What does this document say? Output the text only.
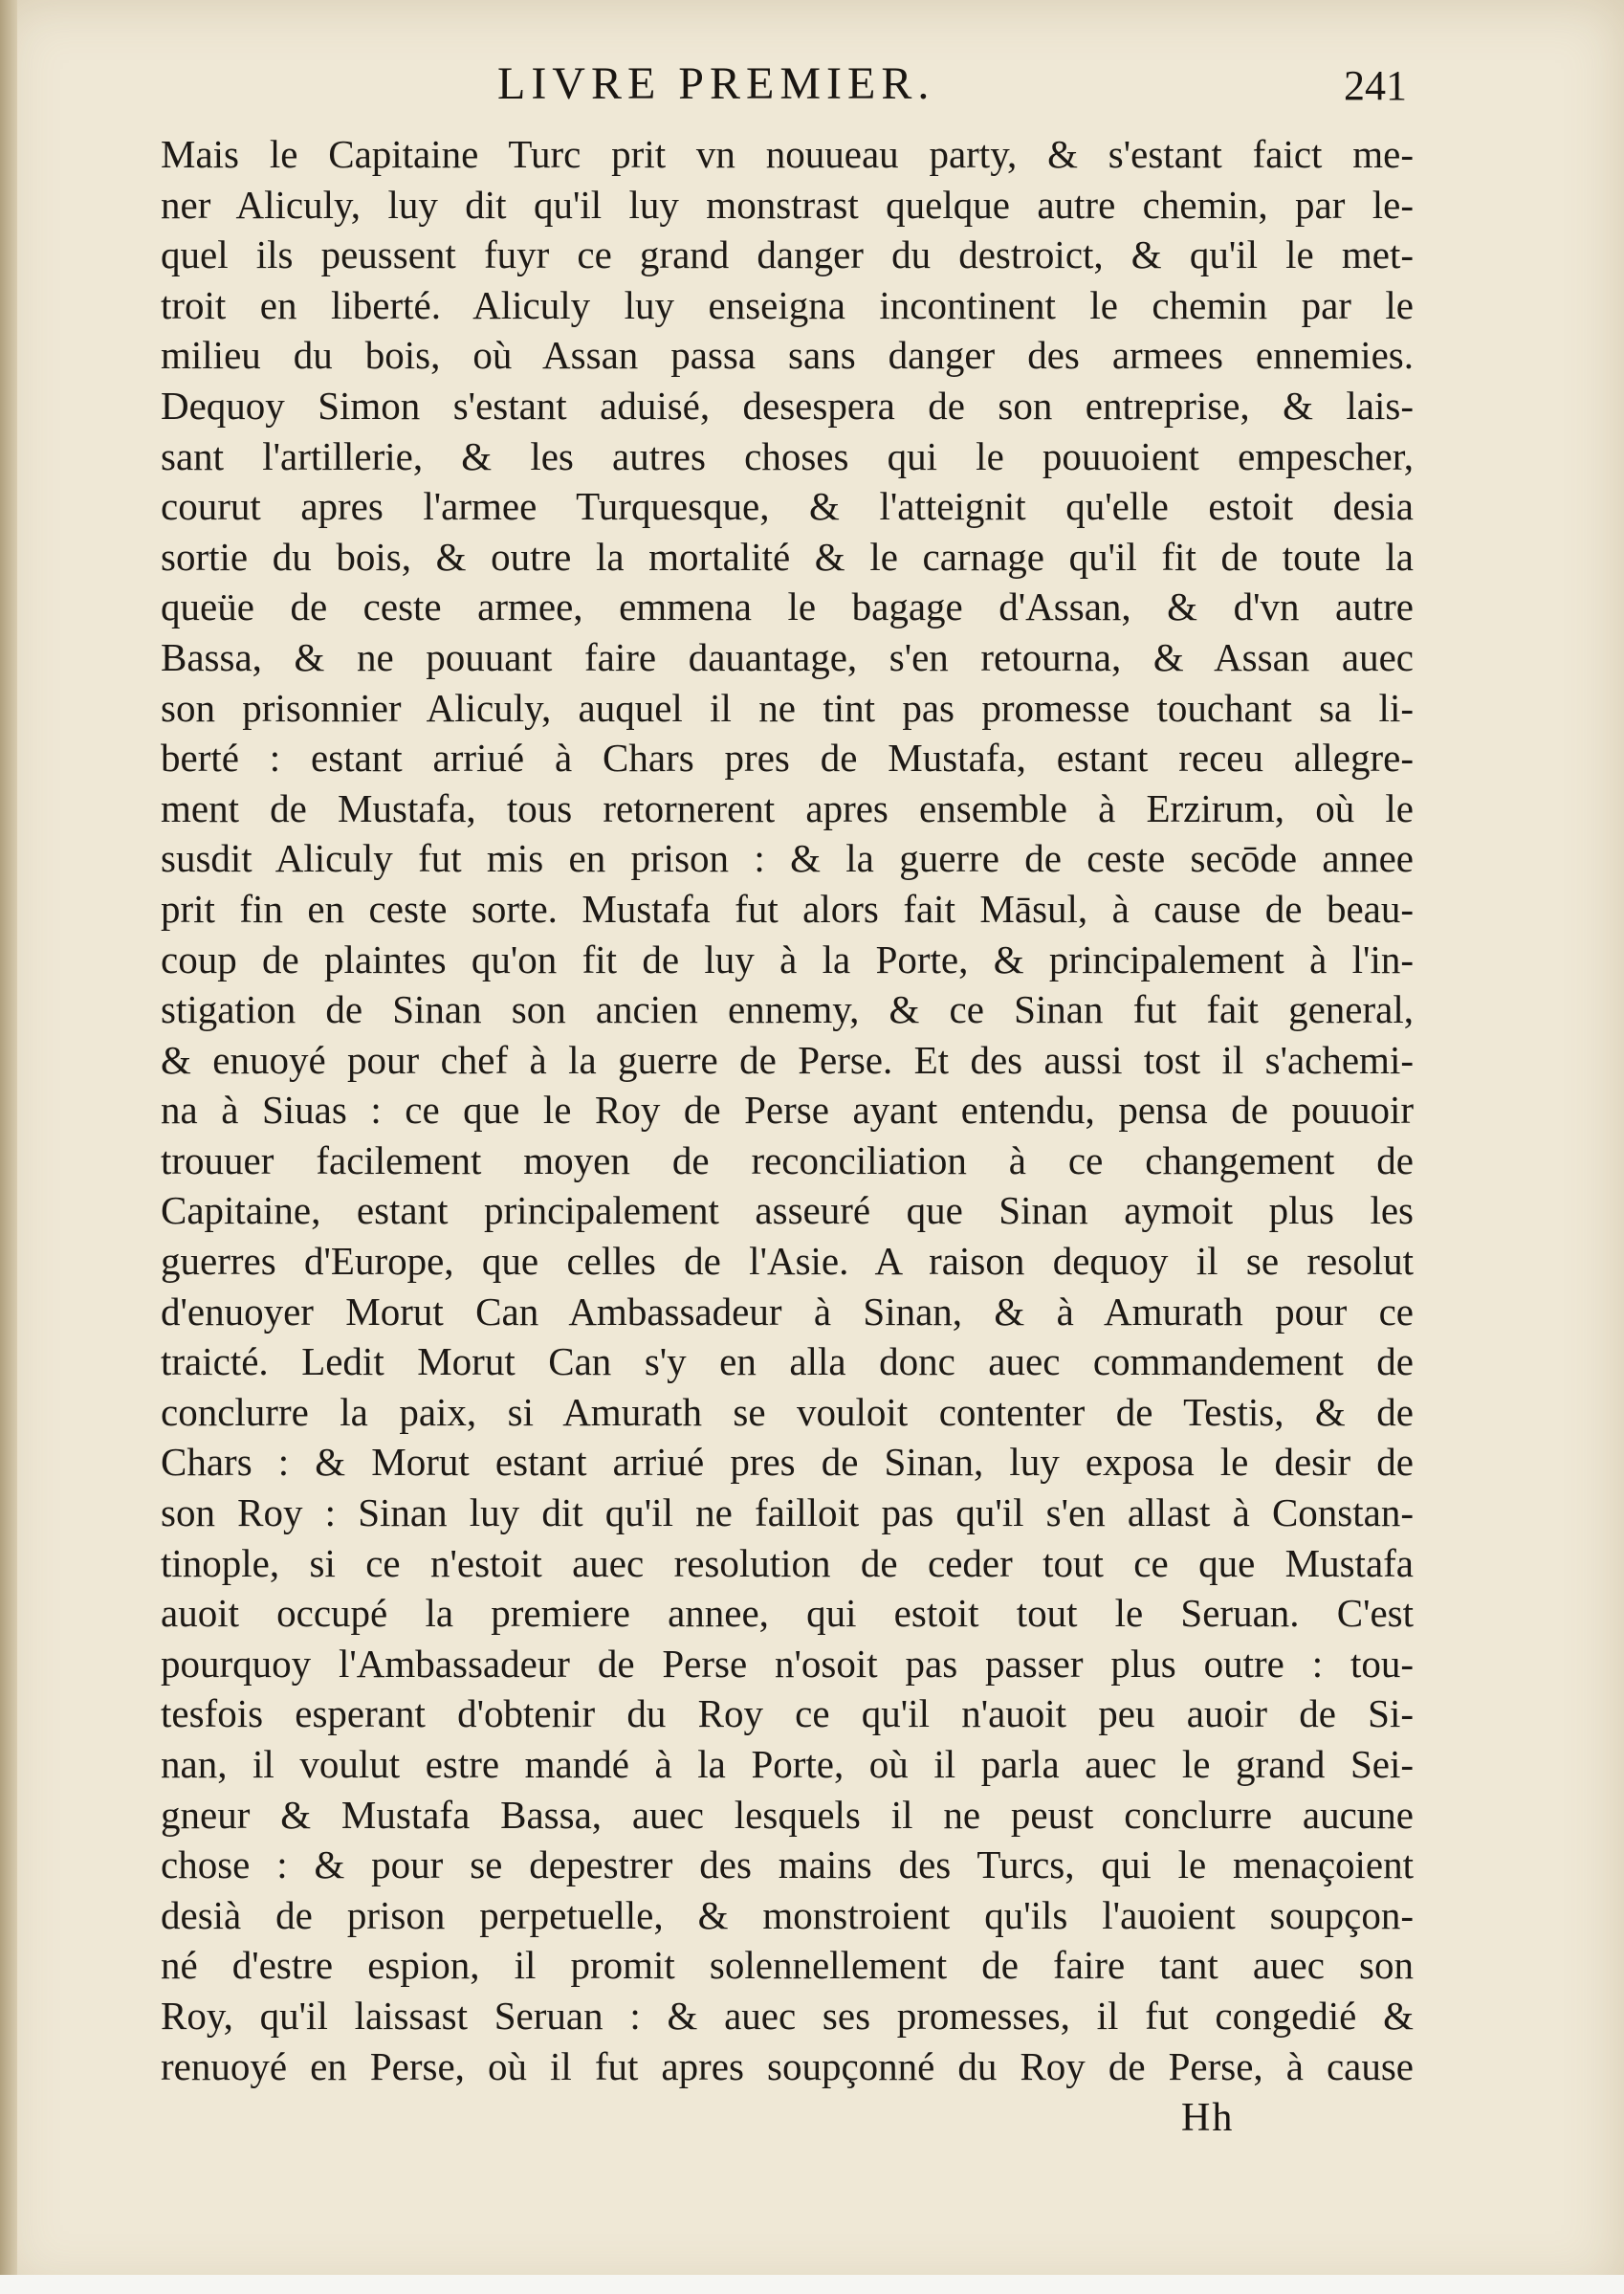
LIVRE PREMIER.	241
Mais le Capitaine Turc prit vn nouueau party, & s'estant faict me-
ner Aliculy, luy dit qu'il luy monstrast quelque autre chemin, par le-
quel ils peussent fuyr ce grand danger du destroict, & qu'il le met-
troit en liberté. Aliculy luy enseigna incontinent le chemin par le
milieu du bois, où Assan passa sans danger des armees ennemies.
Dequoy Simon s'estant aduisé, desespera de son entreprise, & lais-
sant l'artillerie, & les autres choses qui le pouuoient empescher,
courut apres l'armee Turquesque, & l'atteignit qu'elle estoit desia
sortie du bois, & outre la mortalité & le carnage qu'il fit de toute la
queüe de ceste armee, emmena le bagage d'Assan, & d'vn autre
Bassa, & ne pouuant faire dauantage, s'en retourna, & Assan auec
son prisonnier Aliculy, auquel il ne tint pas promesse touchant sa li-
berté : estant arriué à Chars pres de Mustafa, estant receu allegre-
ment de Mustafa, tous retornerent apres ensemble à Erzirum, où le
susdit Aliculy fut mis en prison : & la guerre de ceste secōde annee
prit fin en ceste sorte. Mustafa fut alors fait Māsul, à cause de beau-
coup de plaintes qu'on fit de luy à la Porte, & principalement à l'in-
stigation de Sinan son ancien ennemy, & ce Sinan fut fait general,
& enuoyé pour chef à la guerre de Perse. Et des aussi tost il s'achemi-
na à Siuas : ce que le Roy de Perse ayant entendu, pensa de pouuoir
trouuer facilement moyen de reconciliation à ce changement de
Capitaine, estant principalement asseuré que Sinan aymoit plus les
guerres d'Europe, que celles de l'Asie. A raison dequoy il se resolut
d'enuoyer Morut Can Ambassadeur à Sinan, & à Amurath pour ce
traicté. Ledit Morut Can s'y en alla donc auec commandement de
conclurre la paix, si Amurath se vouloit contenter de Testis, & de
Chars : & Morut estant arriué pres de Sinan, luy exposa le desir de
son Roy : Sinan luy dit qu'il ne failloit pas qu'il s'en allast à Constan-
tinople, si ce n'estoit auec resolution de ceder tout ce que Mustafa
auoit occupé la premiere annee, qui estoit tout le Seruan. C'est
pourquoy l'Ambassadeur de Perse n'osoit pas passer plus outre : tou-
tesfois esperant d'obtenir du Roy ce qu'il n'auoit peu auoir de Si-
nan, il voulut estre mandé à la Porte, où il parla auec le grand Sei-
gneur & Mustafa Bassa, auec lesquels il ne peust conclurre aucune
chose : & pour se depestrer des mains des Turcs, qui le menaçoient
desià de prison perpetuelle, & monstroient qu'ils l'auoient soupçon-
né d'estre espion, il promit solennellement de faire tant auec son
Roy, qu'il laissast Seruan : & auec ses promesses, il fut congedié &
renuoyé en Perse, où il fut apres soupçonné du Roy de Perse, à cause
Hh
